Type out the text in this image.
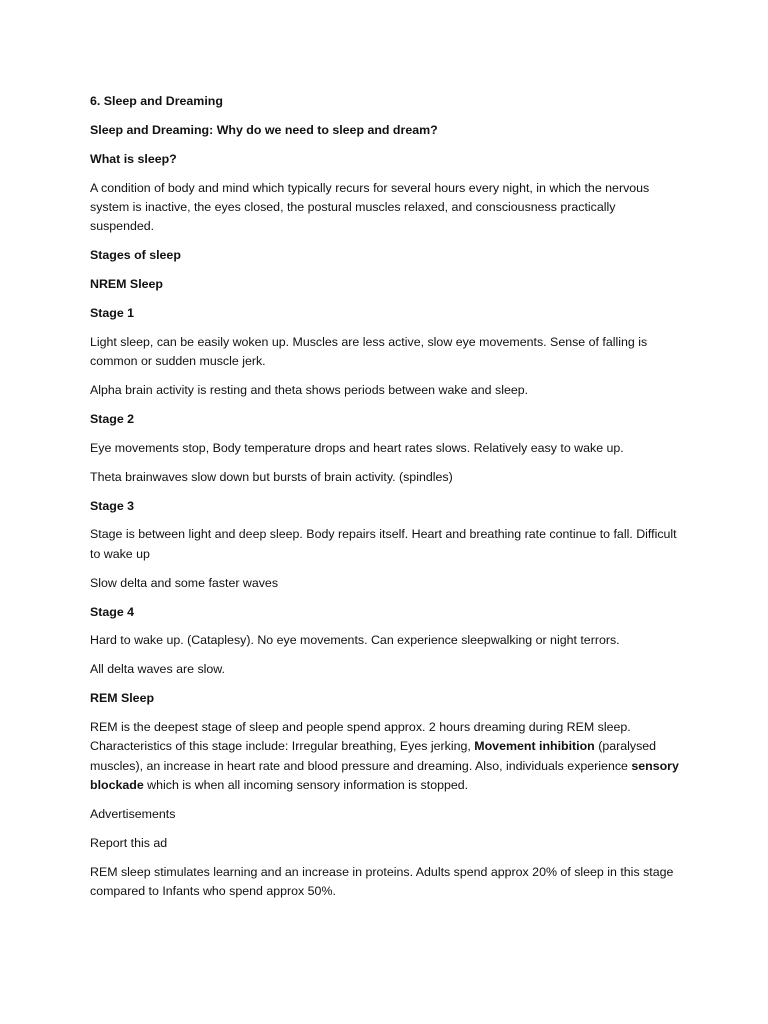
6. Sleep and Dreaming

Sleep and Dreaming: Why do we need to sleep and dream?

What is sleep?

A condition of body and mind which typically recurs for several hours every night, in which the nervous system is inactive, the eyes closed, the postural muscles relaxed, and consciousness practically suspended.

Stages of sleep

NREM Sleep

Stage 1

Light sleep, can be easily woken up. Muscles are less active, slow eye movements. Sense of falling is common or sudden muscle jerk.

Alpha brain activity is resting and theta shows periods between wake and sleep.

Stage 2

Eye movements stop, Body temperature drops and heart rates slows. Relatively easy to wake up.

Theta brainwaves slow down but bursts of brain activity. (spindles)

Stage 3

Stage is between light and deep sleep. Body repairs itself. Heart and breathing rate continue to fall. Difficult to wake up

Slow delta and some faster waves

Stage 4

Hard to wake up. (Cataplesy). No eye movements. Can experience sleepwalking or night terrors.

All delta waves are slow.

REM Sleep

REM is the deepest stage of sleep and people spend approx. 2 hours dreaming during REM sleep. Characteristics of this stage include: Irregular breathing, Eyes jerking, Movement inhibition (paralysed muscles), an increase in heart rate and blood pressure and dreaming. Also, individuals experience sensory blockade which is when all incoming sensory information is stopped.

Advertisements

Report this ad

REM sleep stimulates learning and an increase in proteins. Adults spend approx 20% of sleep in this stage compared to Infants who spend approx 50%.
